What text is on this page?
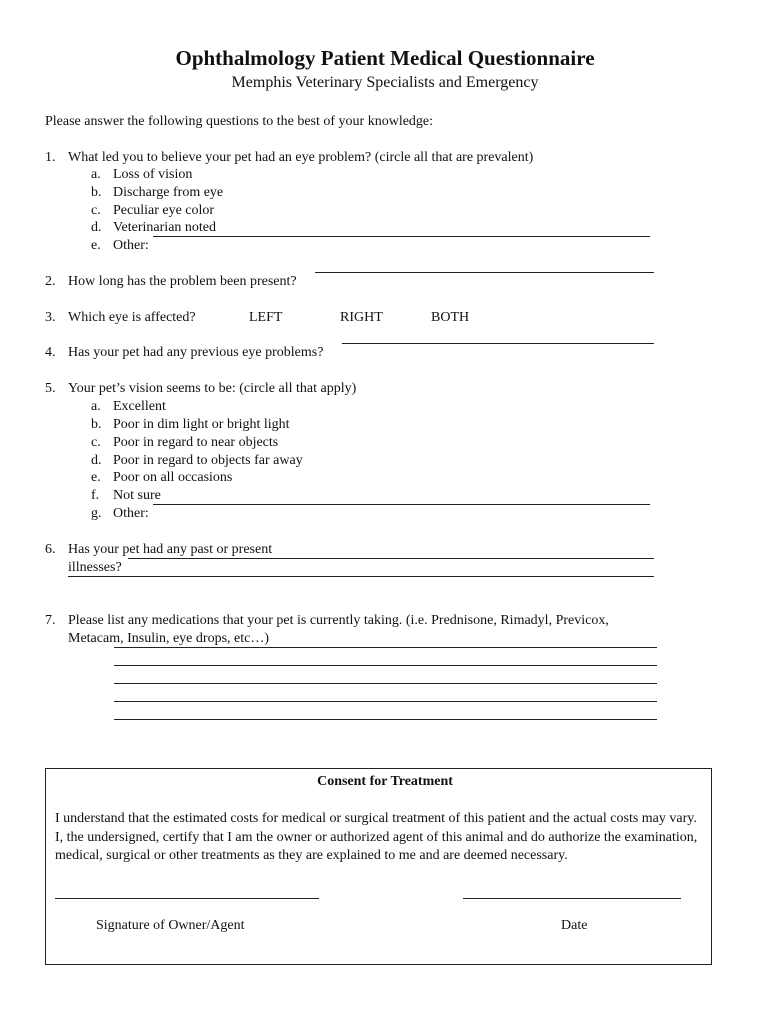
Ophthalmology Patient Medical Questionnaire
Memphis Veterinary Specialists and Emergency
Please answer the following questions to the best of your knowledge:
1. What led you to believe your pet had an eye problem? (circle all that are prevalent)
a. Loss of vision
b. Discharge from eye
c. Peculiar eye color
d. Veterinarian noted
e. Other:
2. How long has the problem been present?
3. Which eye is affected?	LEFT	RIGHT	BOTH
4. Has your pet had any previous eye problems?
5. Your pet’s vision seems to be: (circle all that apply)
a. Excellent
b. Poor in dim light or bright light
c. Poor in regard to near objects
d. Poor in regard to objects far away
e. Poor on all occasions
f. Not sure
g. Other:
6. Has your pet had any past or present
illnesses?
7. Please list any medications that your pet is currently taking. (i.e. Prednisone, Rimadyl, Previcox,
Metacam, Insulin, eye drops, etc…)
Consent for Treatment
I understand that the estimated costs for medical or surgical treatment of this patient and the actual costs may vary. I, the undersigned, certify that I am the owner or authorized agent of this animal and do authorize the examination, medical, surgical or other treatments as they are explained to me and are deemed necessary.
Signature of Owner/Agent	Date
